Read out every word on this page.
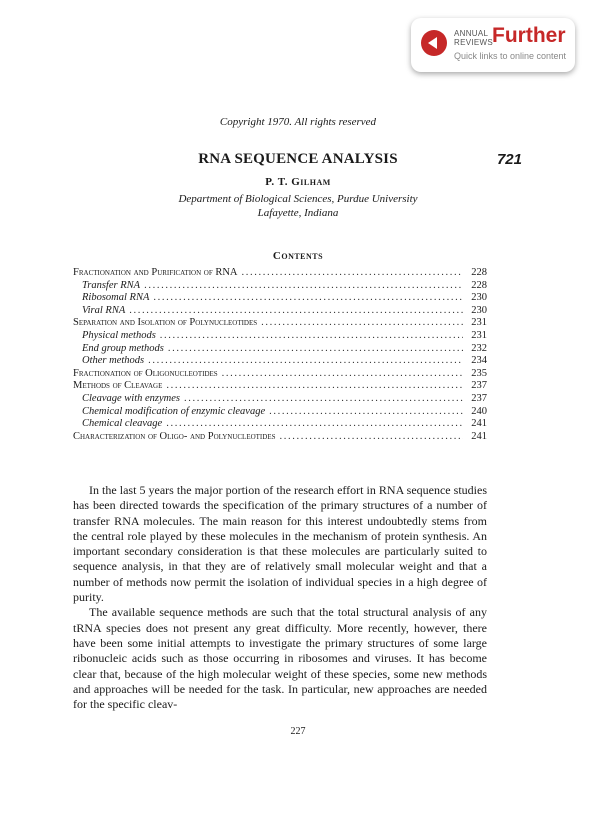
ANNUAL REVIEWS Further
Quick links to online content
Copyright 1970. All rights reserved
RNA SEQUENCE ANALYSIS	721
P. T. Gilham
Department of Biological Sciences, Purdue University
Lafayette, Indiana
Contents
Fractionation and Purification of RNA . . .	228
Transfer RNA . . .	228
Ribosomal RNA . . .	230
Viral RNA . . .	230
Separation and Isolation of Polynucleotides . . .	231
Physical methods . . .	231
End group methods . . .	232
Other methods . . .	234
Fractionation of Oligonucleotides . . .	235
Methods of Cleavage . . .	237
Cleavage with enzymes . . .	237
Chemical modification of enzymic cleavage . . .	240
Chemical cleavage . . .	241
Characterization of Oligo- and Polynucleotides . . .	241

In the last 5 years the major portion of the research effort in RNA sequence studies has been directed towards the specification of the primary structures of a number of transfer RNA molecules. The main reason for this interest undoubtedly stems from the central role played by these molecules in the mechanism of protein synthesis. An important secondary consideration is that these molecules are particularly suited to sequence analysis, in that they are of relatively small molecular weight and that a number of methods now permit the isolation of individual species in a high degree of purity.

The available sequence methods are such that the total structural analysis of any tRNA species does not present any great difficulty. More recently, however, there have been some initial attempts to investigate the primary structures of some large ribonucleic acids such as those occurring in ribosomes and viruses. It has become clear that, because of the high molecular weight of these species, some new methods and approaches will be needed for the task. In particular, new approaches are needed for the specific cleav-

227
